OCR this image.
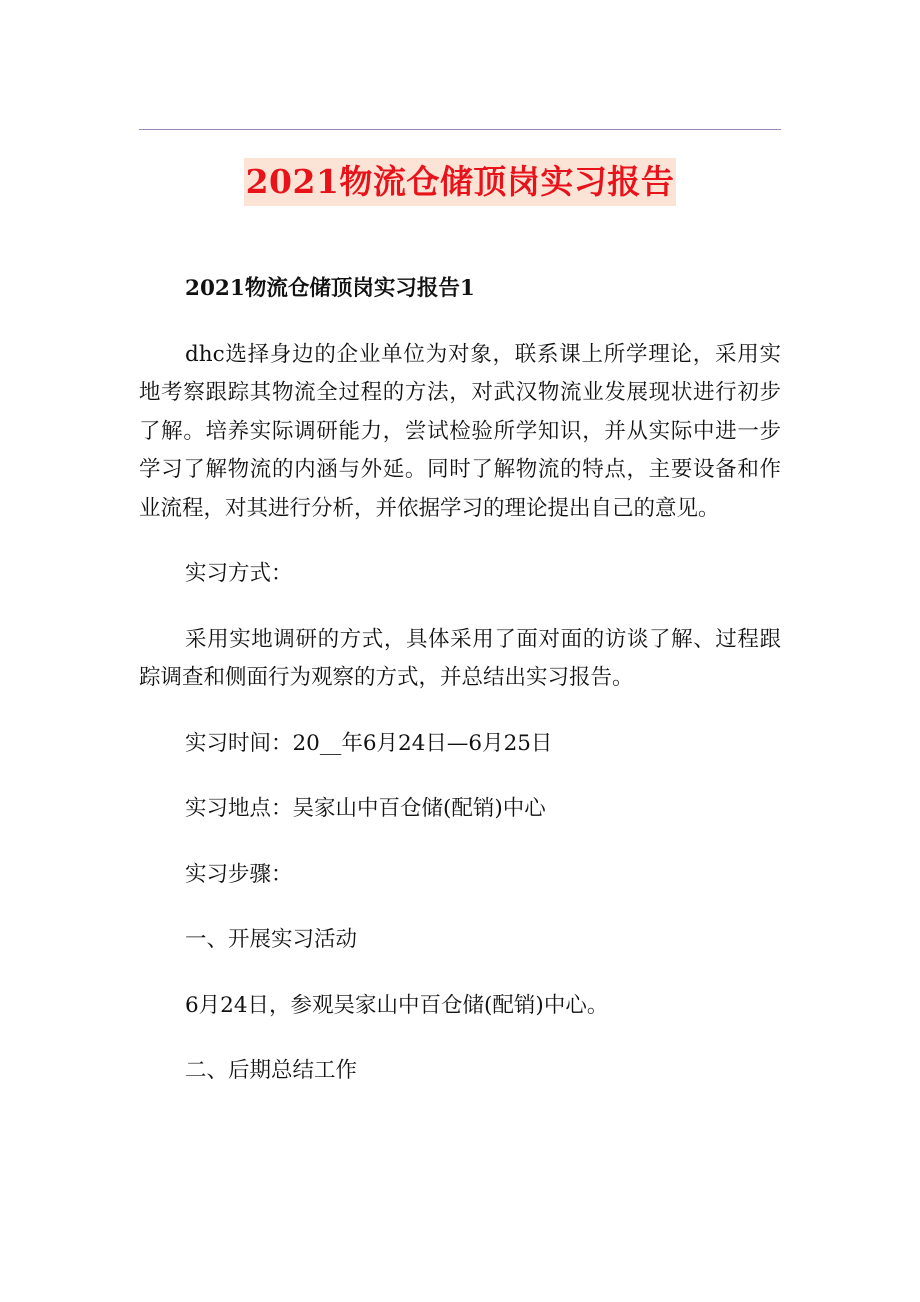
2021物流仓储顶岗实习报告

2021物流仓储顶岗实习报告1

dhc选择身边的企业单位为对象，联系课上所学理论，采用实地考察跟踪其物流全过程的方法，对武汉物流业发展现状进行初步了解。培养实际调研能力，尝试检验所学知识，并从实际中进一步学习了解物流的内涵与外延。同时了解物流的特点，主要设备和作业流程，对其进行分析，并依据学习的理论提出自己的意见。

实习方式：

采用实地调研的方式，具体采用了面对面的访谈了解、过程跟踪调查和侧面行为观察的方式，并总结出实习报告。

实习时间：20__年6月24日—6月25日

实习地点：吴家山中百仓储(配销)中心

实习步骤：

一、开展实习活动

6月24日，参观吴家山中百仓储(配销)中心。

二、后期总结工作
